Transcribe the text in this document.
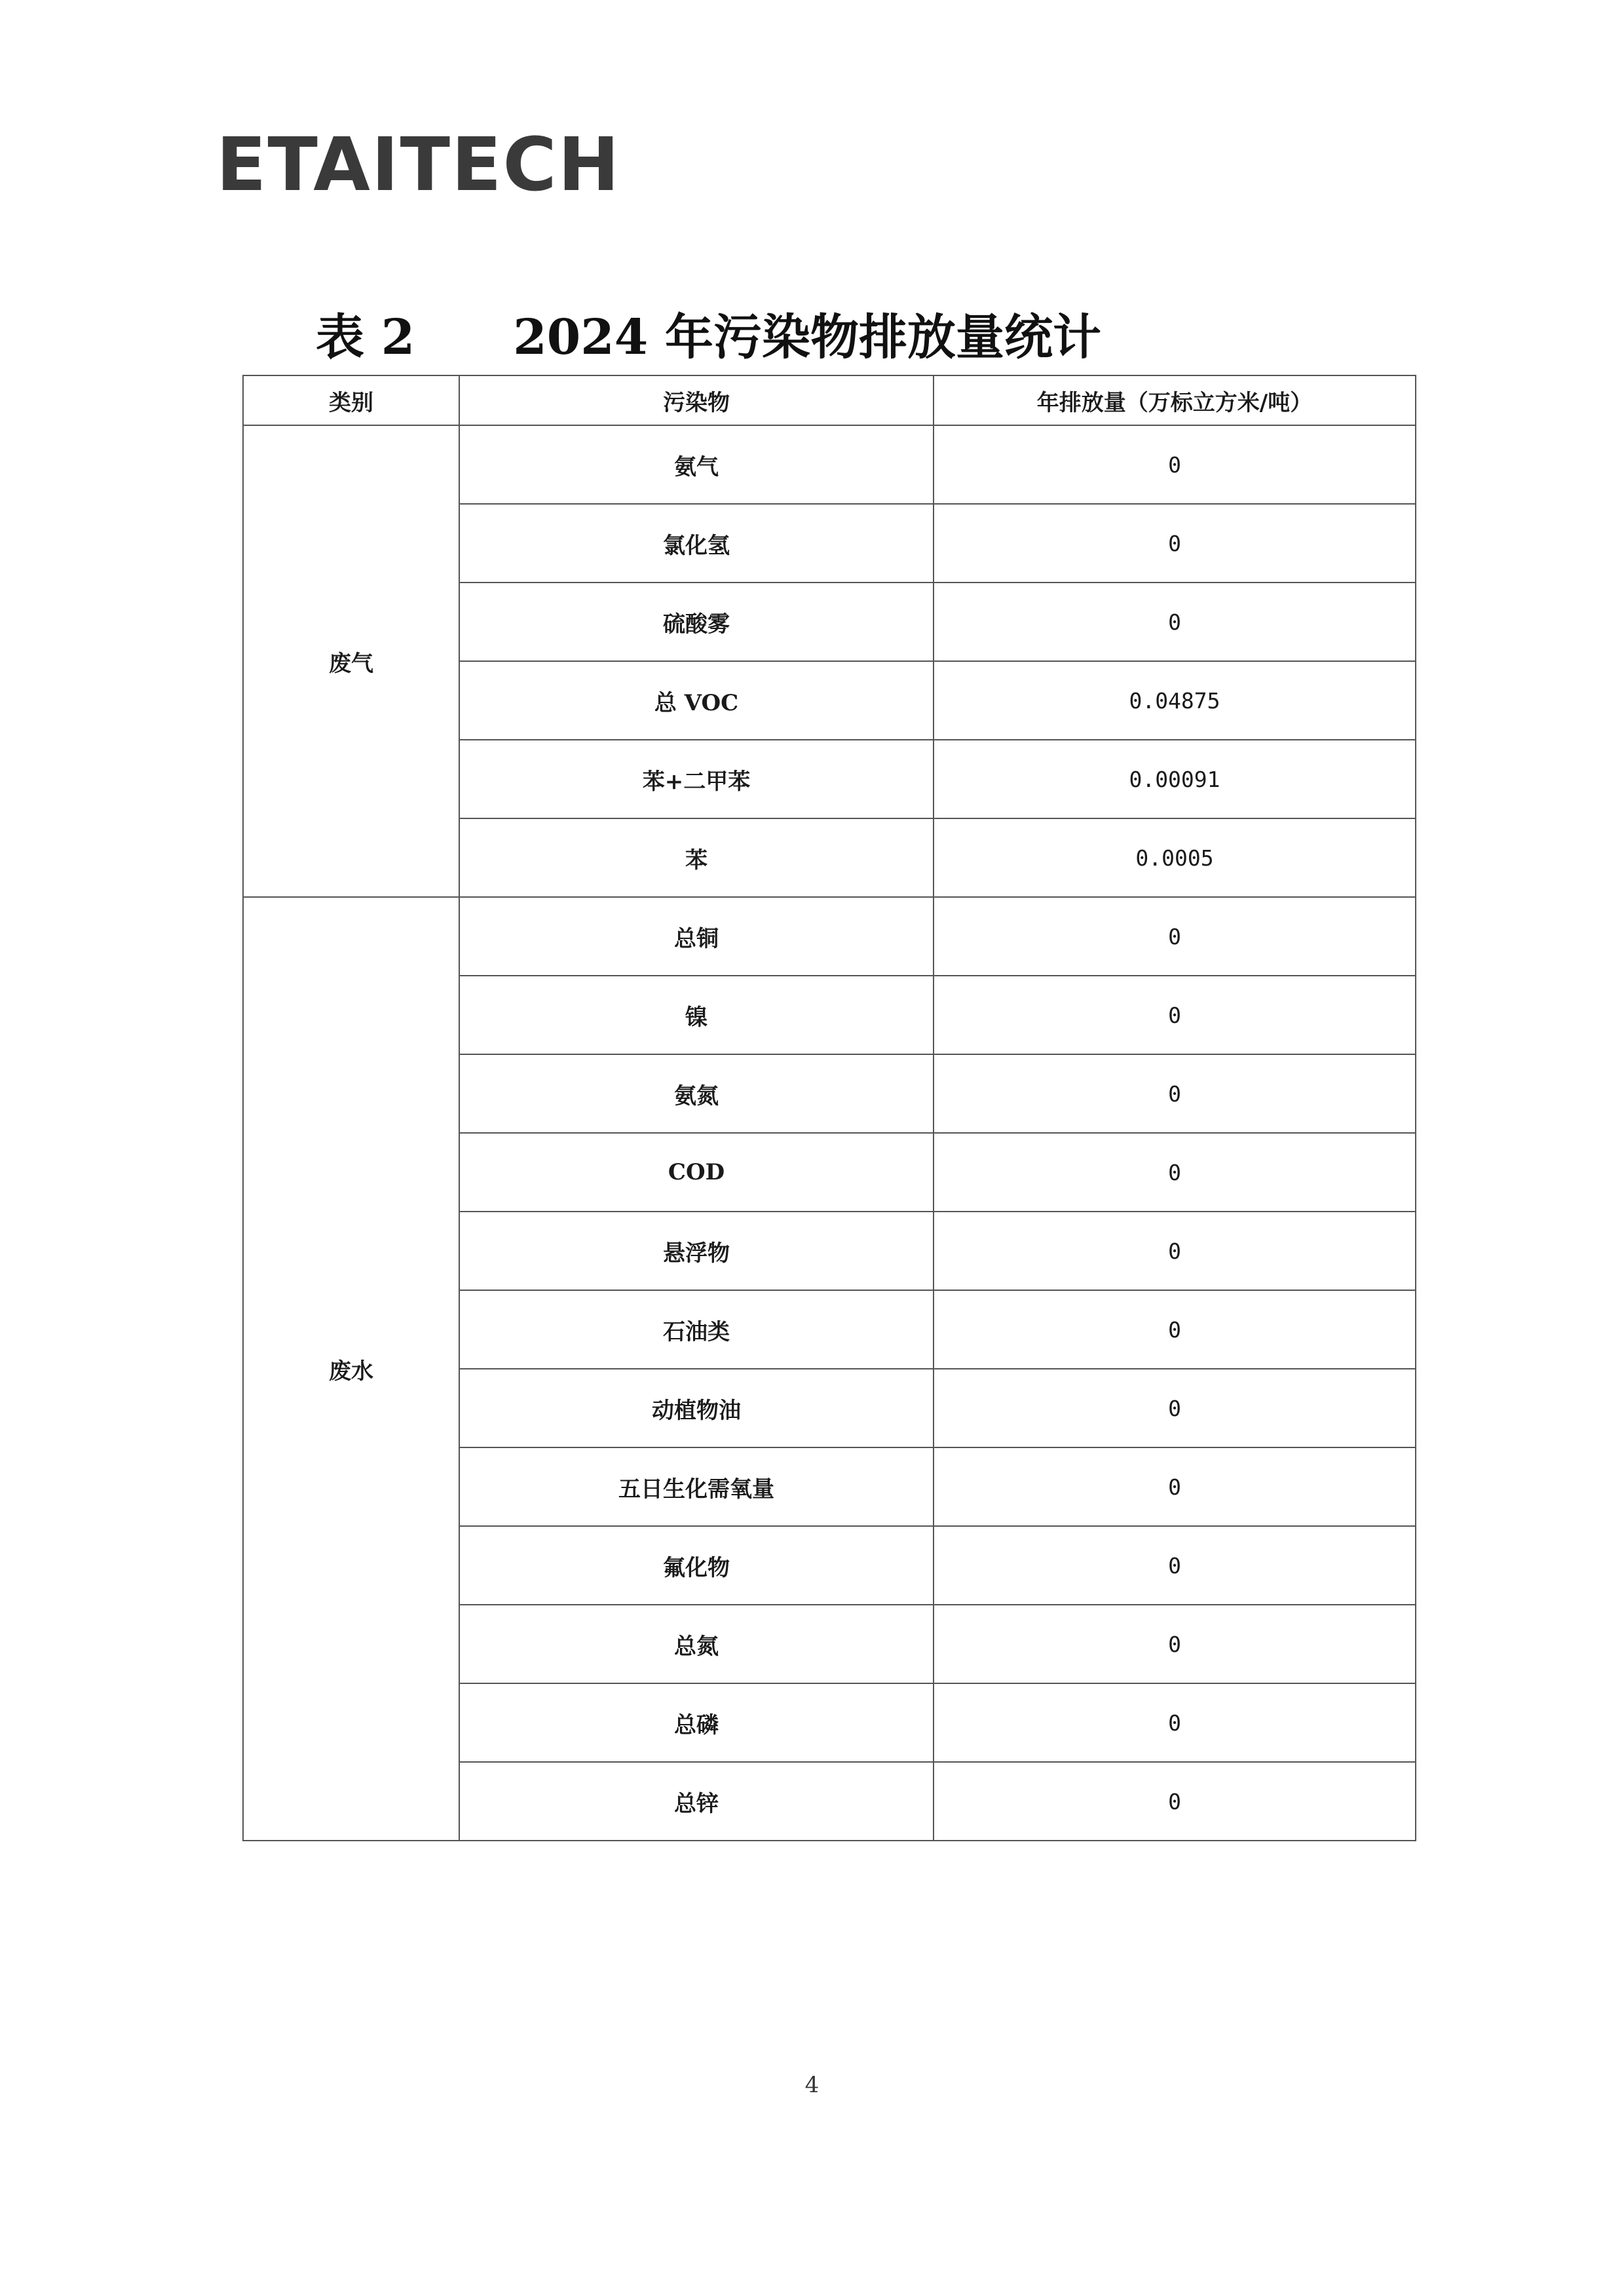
ETAITECH
表 2 2024 年污染物排放量统计
类别	污染物	年排放量（万标立方米/吨）
废气	氨气	0
	氯化氢	0
	硫酸雾	0
	总 VOC	0.04875
	苯+二甲苯	0.00091
	苯	0.0005
废水	总铜	0
	镍	0
	氨氮	0
	COD	0
	悬浮物	0
	石油类	0
	动植物油	0
	五日生化需氧量	0
	氟化物	0
	总氮	0
	总磷	0
	总锌	0
4
